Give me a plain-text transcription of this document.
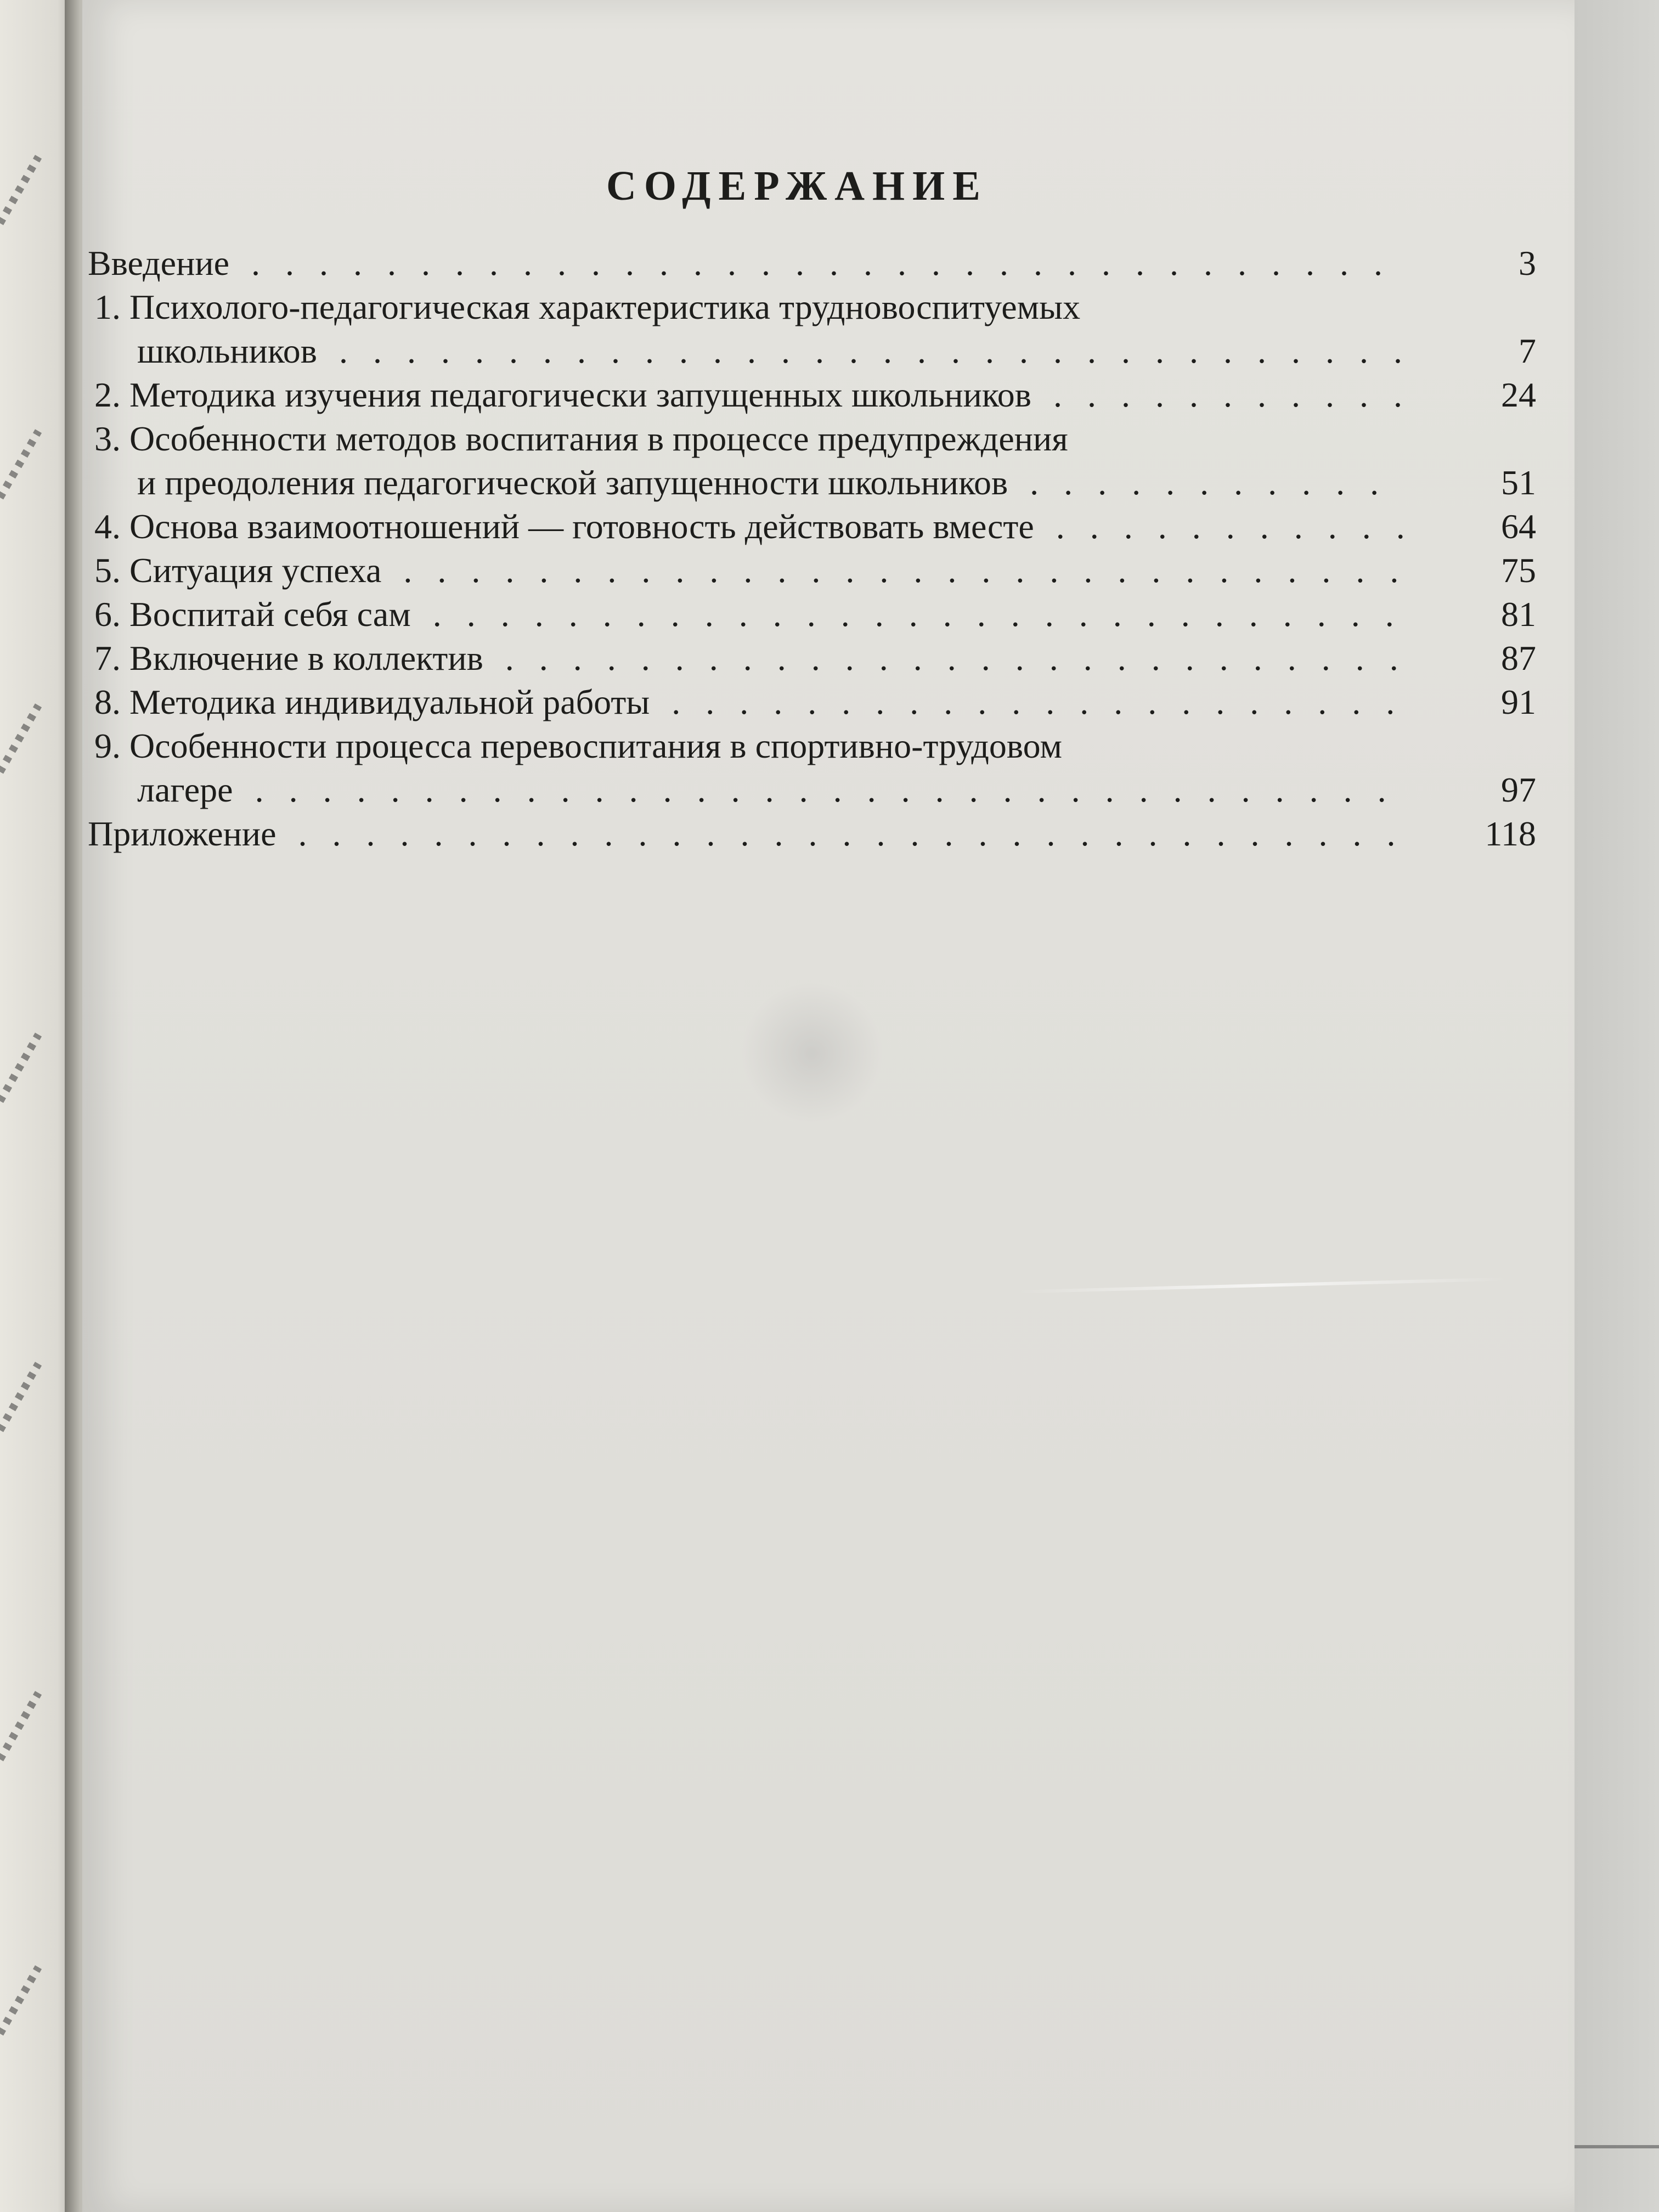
СОДЕРЖАНИЕ
Введение ..................................	3
1. Психолого-педагогическая характеристика трудновоспитуемых
школьников ................................	7
2. Методика изучения педагогически запущенных школьников ...........	24
3. Особенности методов воспитания в процессе предупреждения
и преодоления педагогической запущенности школьников ...........	51
4. Основа взаимоотношений — готовность действовать вместе ...........	64
5. Ситуация успеха ..............................	75
6. Воспитай себя сам .............................	81
7. Включение в коллектив ...........................	87
8. Методика индивидуальной работы ......................	91
9. Особенности процесса перевоспитания в спортивно-трудовом
лагере ..................................	97
Приложение .................................	118
